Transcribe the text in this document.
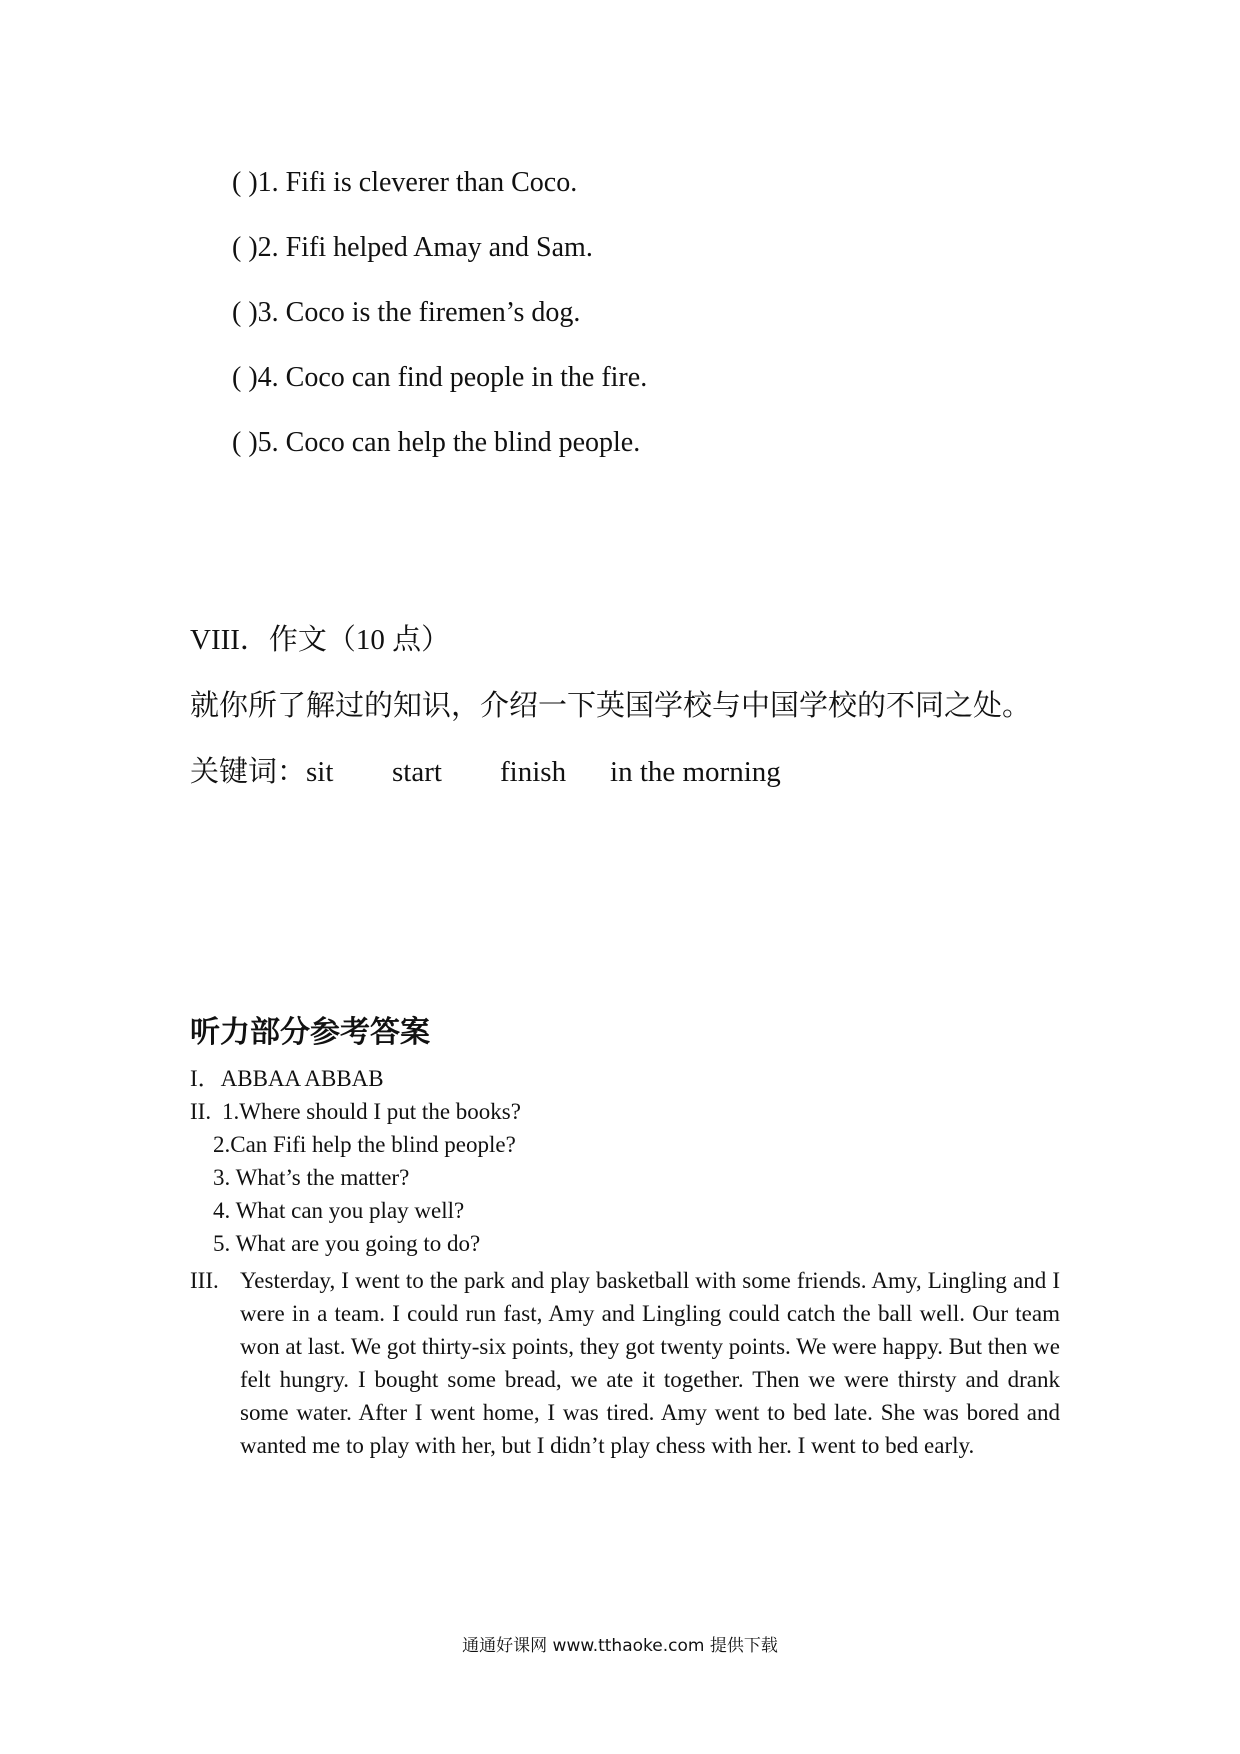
( )1. Fifi is cleverer than Coco.
( )2. Fifi helped Amay and Sam.
( )3. Coco is the firemen’s dog.
( )4. Coco can find people in the fire.
( )5. Coco can help the blind people.
VIII．作文（10 点）
就你所了解过的知识，介绍一下英国学校与中国学校的不同之处。
关键词：sit start finish in the morning
听力部分参考答案
I．ABBAA ABBAB
II. 1.Where should I put the books?
2.Can Fifi help the blind people?
3. What’s the matter?
4. What can you play well?
5. What are you going to do?
III. Yesterday, I went to the park and play basketball with some friends. Amy, Lingling and I were in a team. I could run fast, Amy and Lingling could catch the ball well. Our team won at last. We got thirty-six points, they got twenty points. We were happy. But then we felt hungry. I bought some bread, we ate it together. Then we were thirsty and drank some water. After I went home, I was tired. Amy went to bed late. She was bored and wanted me to play with her, but I didn’t play chess with her. I went to bed early.
通通好课网 www.tthaoke.com 提供下载
